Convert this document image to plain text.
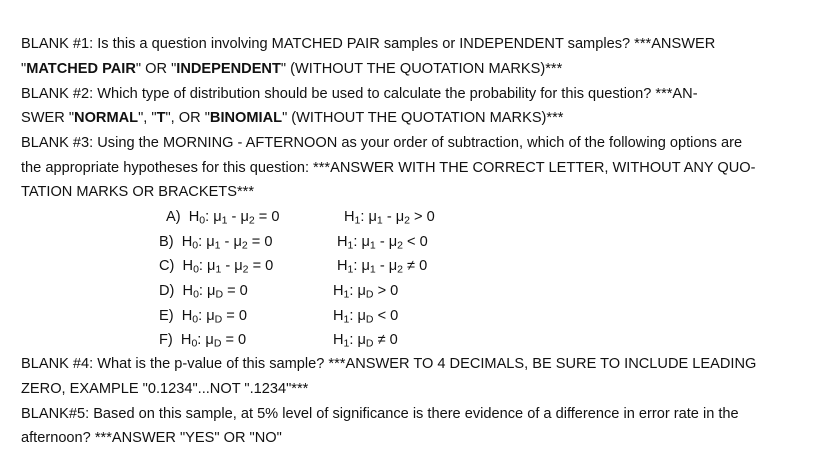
BLANK #1: Is this a question involving MATCHED PAIR samples or INDEPENDENT samples? ***ANSWER
"MATCHED PAIR" OR "INDEPENDENT" (WITHOUT THE QUOTATION MARKS)***
BLANK #2: Which type of distribution should be used to calculate the probability for this question? ***AN-
SWER "NORMAL", "T", OR "BINOMIAL" (WITHOUT THE QUOTATION MARKS)***
BLANK #3: Using the MORNING - AFTERNOON as your order of subtraction, which of the following options are
the appropriate hypotheses for this question: ***ANSWER WITH THE CORRECT LETTER, WITHOUT ANY QUO-
TATION MARKS OR BRACKETS***
A) $H_0$: $\mu_1 - \mu_2 = 0$	$H_1$: $\mu_1 - \mu_2 > 0$
B) $H_0$: $\mu_1 - \mu_2 = 0$	$H_1$: $\mu_1 - \mu_2 < 0$
C) $H_0$: $\mu_1 - \mu_2 = 0$	$H_1$: $\mu_1 - \mu_2 \ne 0$
D) $H_0$: $\mu_D = 0$	$H_1$: $\mu_D > 0$
E) $H_0$: $\mu_D = 0$	$H_1$: $\mu_D < 0$
F) $H_0$: $\mu_D = 0$	$H_1$: $\mu_D \ne 0$
BLANK #4: What is the p-value of this sample? ***ANSWER TO 4 DECIMALS, BE SURE TO INCLUDE LEADING
ZERO, EXAMPLE "0.1234"...NOT ".1234"***
BLANK#5: Based on this sample, at 5% level of significance is there evidence of a difference in error rate in the
afternoon? ***ANSWER "YES" OR "NO"
